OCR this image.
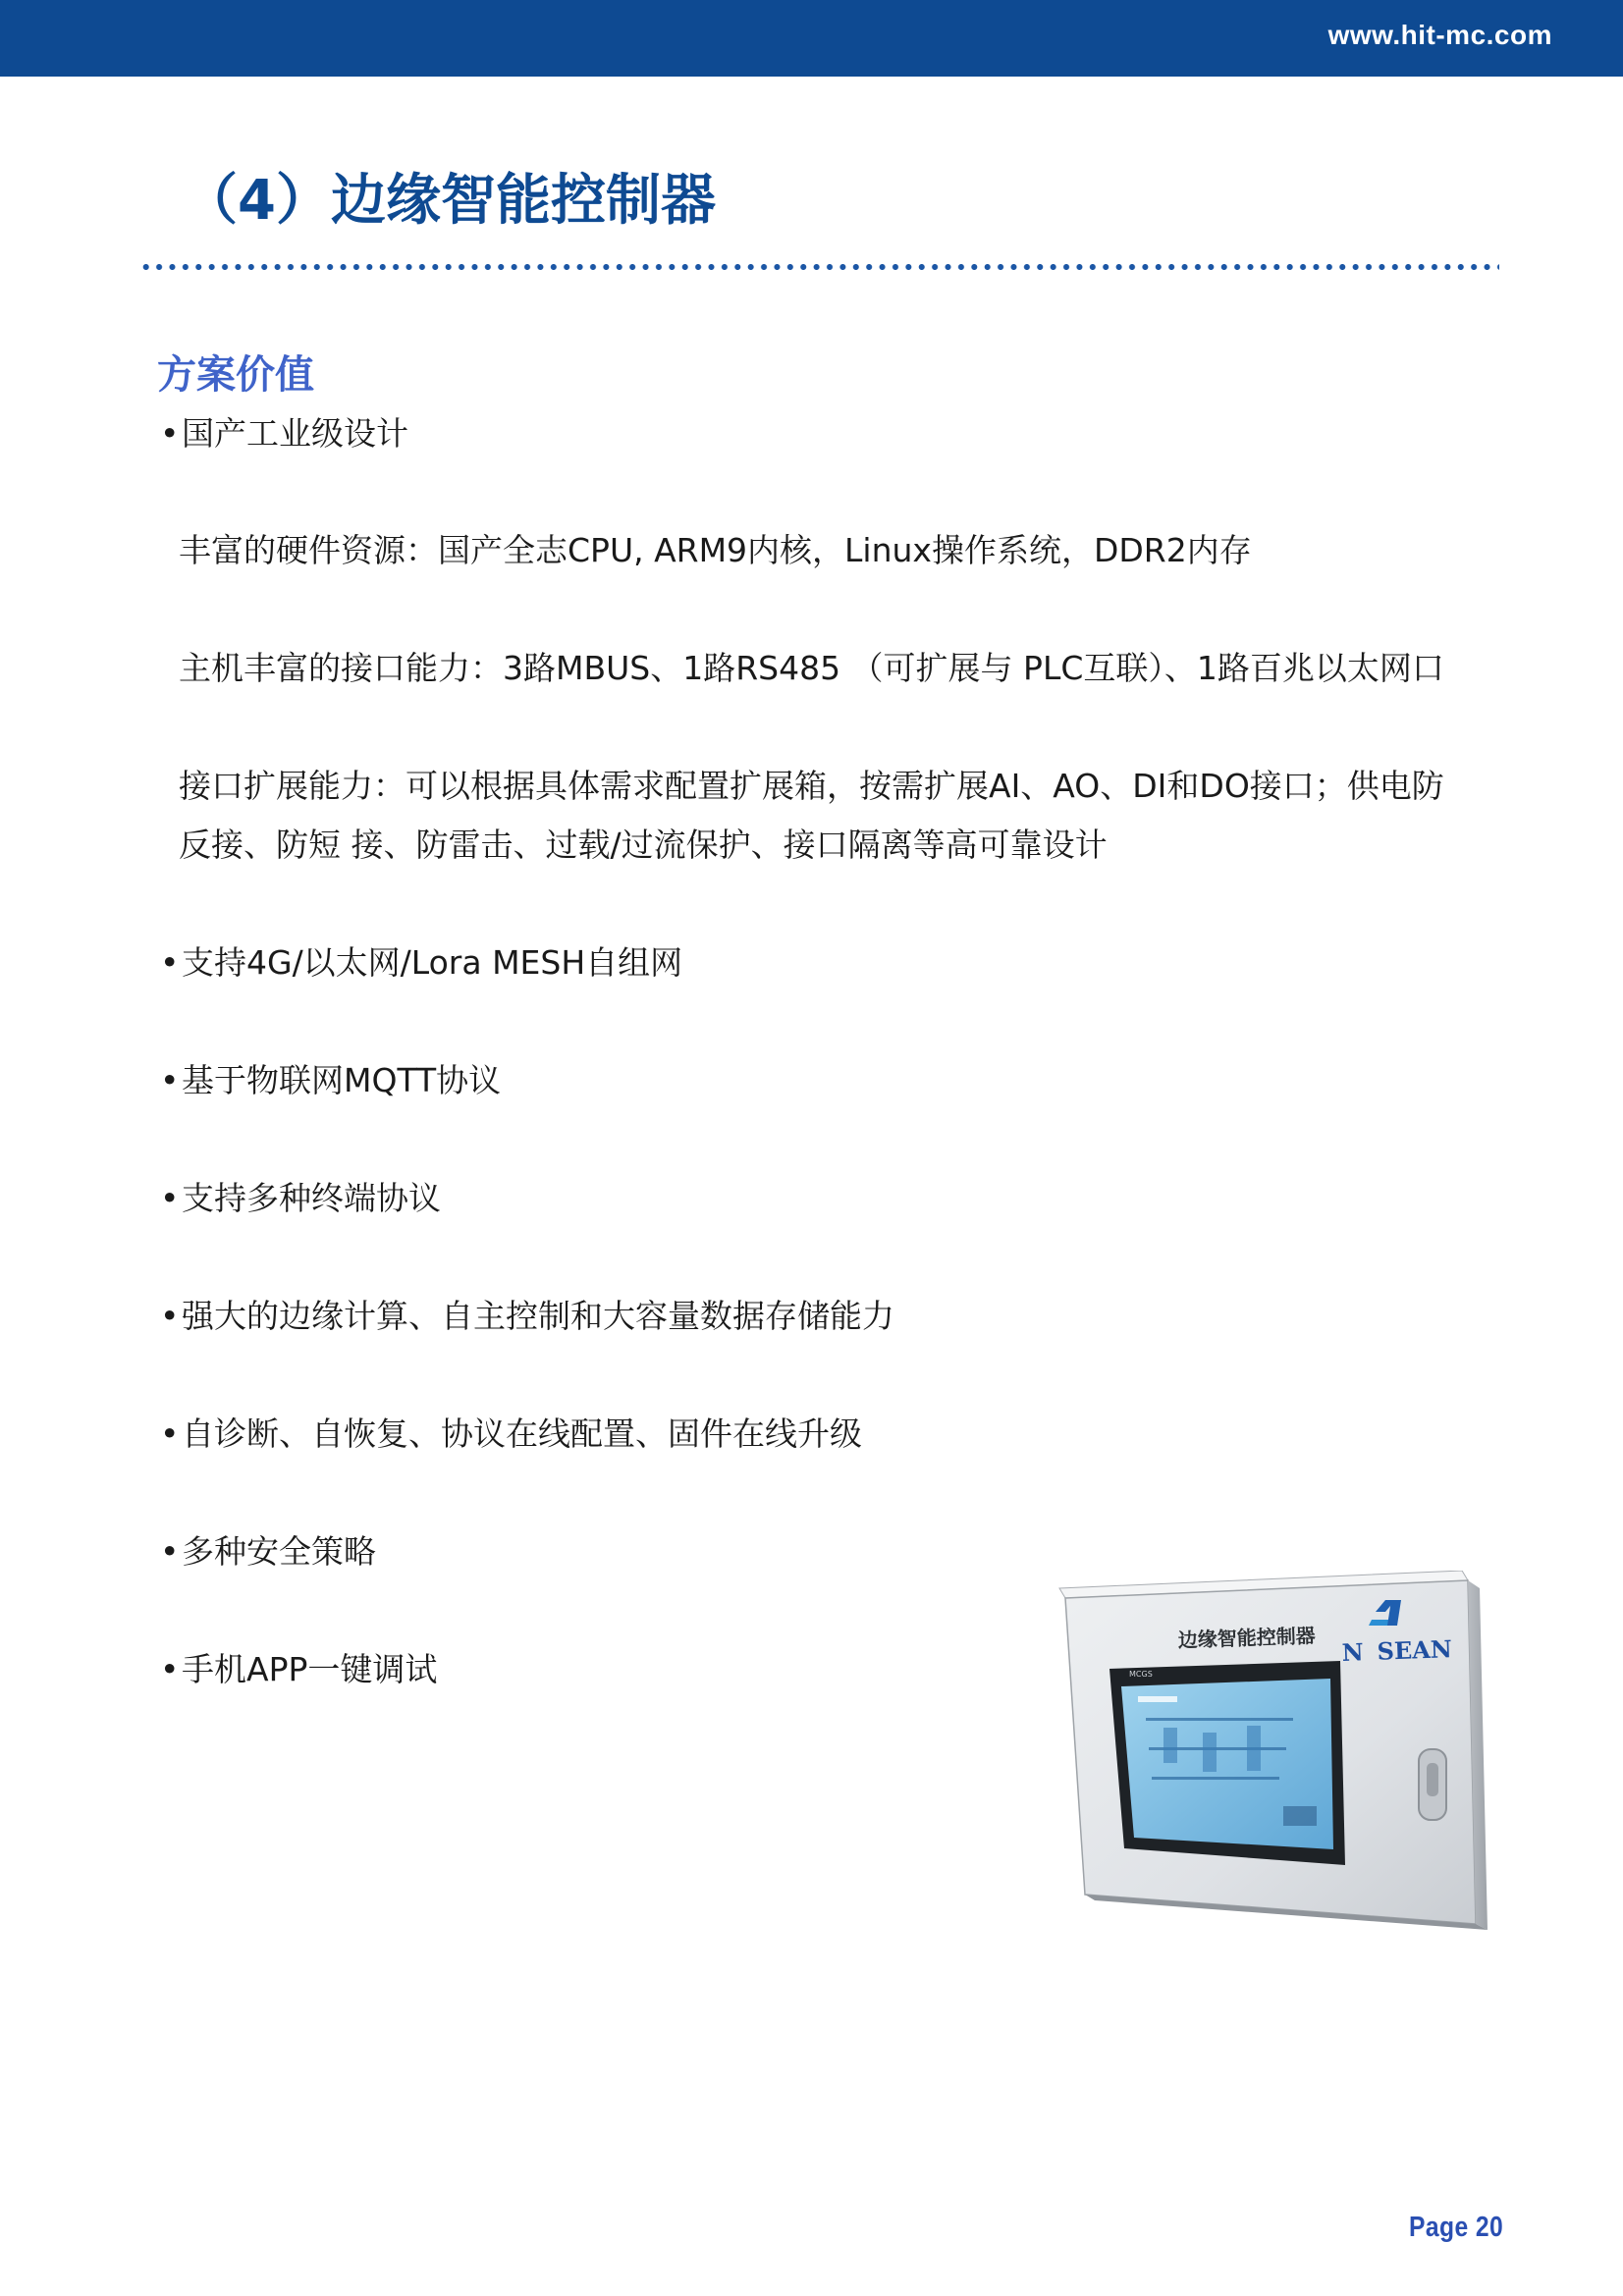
www.hit-mc.com
（4）边缘智能控制器
方案价值
• 国产工业级设计

丰富的硬件资源：国产全志CPU, ARM9内核，Linux操作系统，DDR2内存

主机丰富的接口能力：3路MBUS、1路RS485 （可扩展与 PLC互联）、1路百兆以太网口

接口扩展能力：可以根据具体需求配置扩展箱，按需扩展AI、AO、DI和DO接口；供电防

反接、防短 接、防雷击、过载/过流保护、接口隔离等高可靠设计

• 支持4G/以太网/Lora MESH自组网

• 基于物联网MQTT协议

• 支持多种终端协议

• 强大的边缘计算、自主控制和大容量数据存储能力

• 自诊断、自恢复、协议在线配置、固件在线升级

• 多种安全策略

• 手机APP一键调试	MCGS
边缘智能控制器 N SEAN
Page 20
